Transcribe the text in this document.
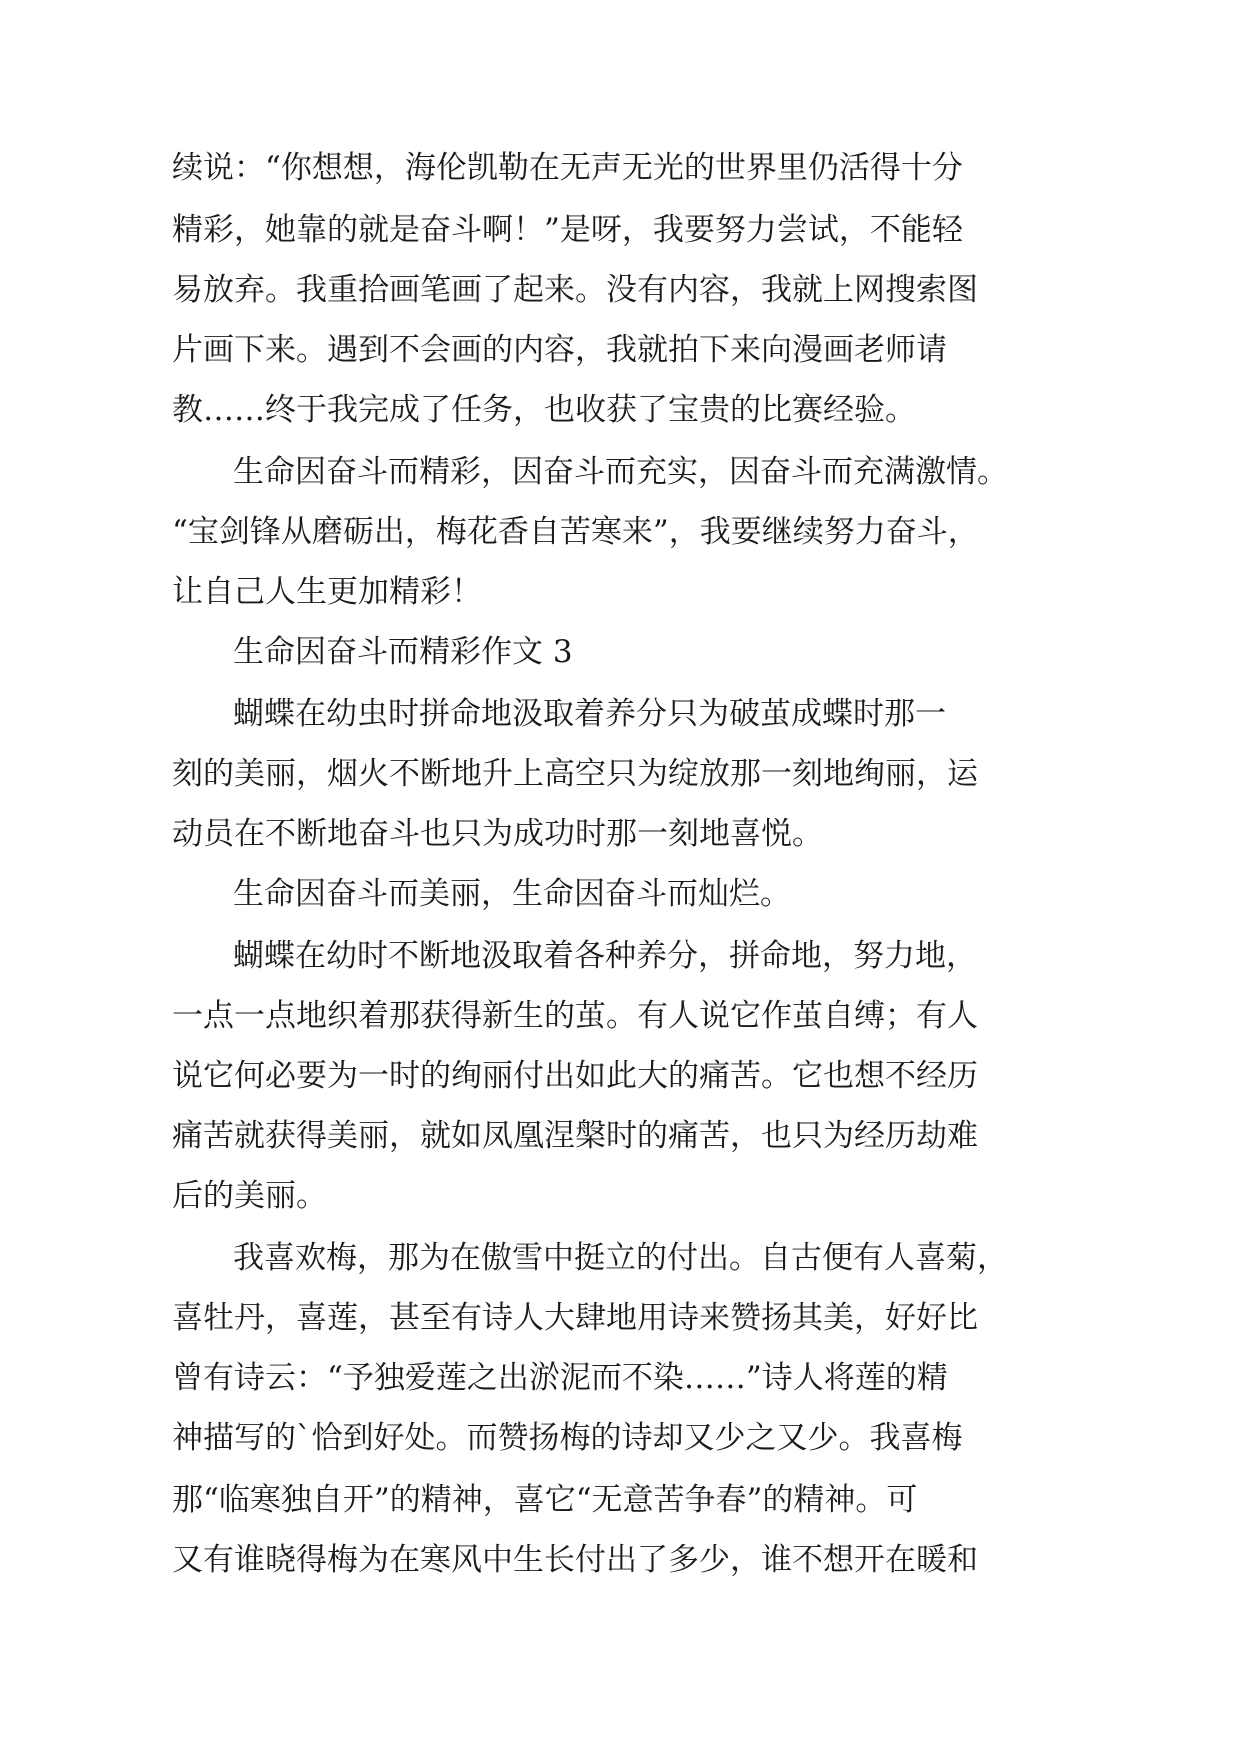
续说：“你想想，海伦凯勒在无声无光的世界里仍活得十分
精彩，她靠的就是奋斗啊！”是呀，我要努力尝试，不能轻
易放弃。我重拾画笔画了起来。没有内容，我就上网搜索图
片画下来。遇到不会画的内容，我就拍下来向漫画老师请
教……终于我完成了任务，也收获了宝贵的比赛经验。
生命因奋斗而精彩，因奋斗而充实，因奋斗而充满激情。
“宝剑锋从磨砺出，梅花香自苦寒来”，我要继续努力奋斗，
让自己人生更加精彩！
生命因奋斗而精彩作文 3
蝴蝶在幼虫时拼命地汲取着养分只为破茧成蝶时那一
刻的美丽，烟火不断地升上高空只为绽放那一刻地绚丽，运
动员在不断地奋斗也只为成功时那一刻地喜悦。
生命因奋斗而美丽，生命因奋斗而灿烂。
蝴蝶在幼时不断地汲取着各种养分，拼命地，努力地，
一点一点地织着那获得新生的茧。有人说它作茧自缚；有人
说它何必要为一时的绚丽付出如此大的痛苦。它也想不经历
痛苦就获得美丽，就如凤凰涅槃时的痛苦，也只为经历劫难
后的美丽。
我喜欢梅，那为在傲雪中挺立的付出。自古便有人喜菊，
喜牡丹，喜莲，甚至有诗人大肆地用诗来赞扬其美，好好比
曾有诗云：“予独爱莲之出淤泥而不染……”诗人将莲的精
神描写的`恰到好处。而赞扬梅的诗却又少之又少。我喜梅
那“临寒独自开”的精神，喜它“无意苦争春”的精神。可
又有谁晓得梅为在寒风中生长付出了多少，谁不想开在暖和
